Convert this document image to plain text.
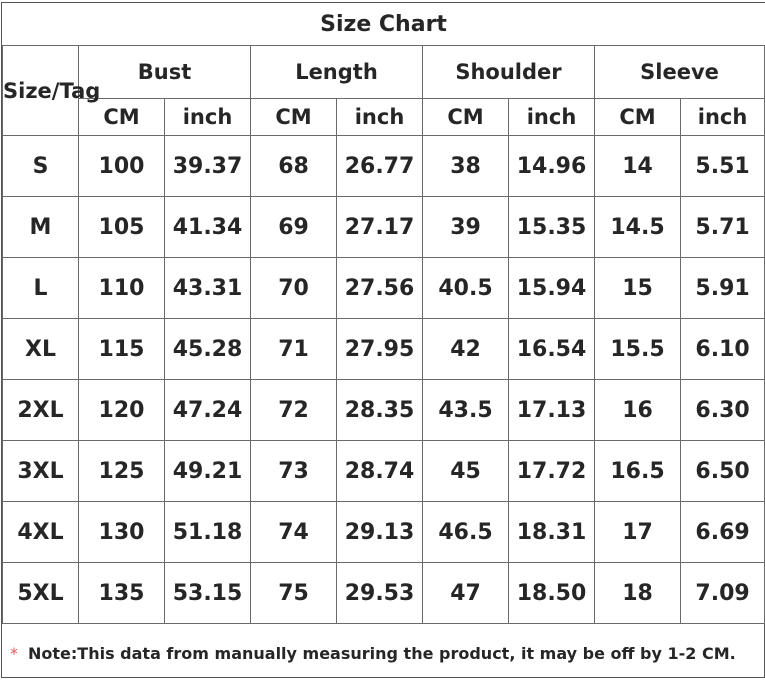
Size Chart								
Size/Tag	Bust		Length		Shoulder		Sleeve	
	CM	inch	CM	inch	CM	inch	CM	inch
S	100	39.37	68	26.77	38	14.96	14	5.51
M	105	41.34	69	27.17	39	15.35	14.5	5.71
L	110	43.31	70	27.56	40.5	15.94	15	5.91
XL	115	45.28	71	27.95	42	16.54	15.5	6.10
2XL	120	47.24	72	28.35	43.5	17.13	16	6.30
3XL	125	49.21	73	28.74	45	17.72	16.5	6.50
4XL	130	51.18	74	29.13	46.5	18.31	17	6.69
5XL	135	53.15	75	29.53	47	18.50	18	7.09
* Note:This data from manually measuring the product, it may be off by 1-2 CM.
